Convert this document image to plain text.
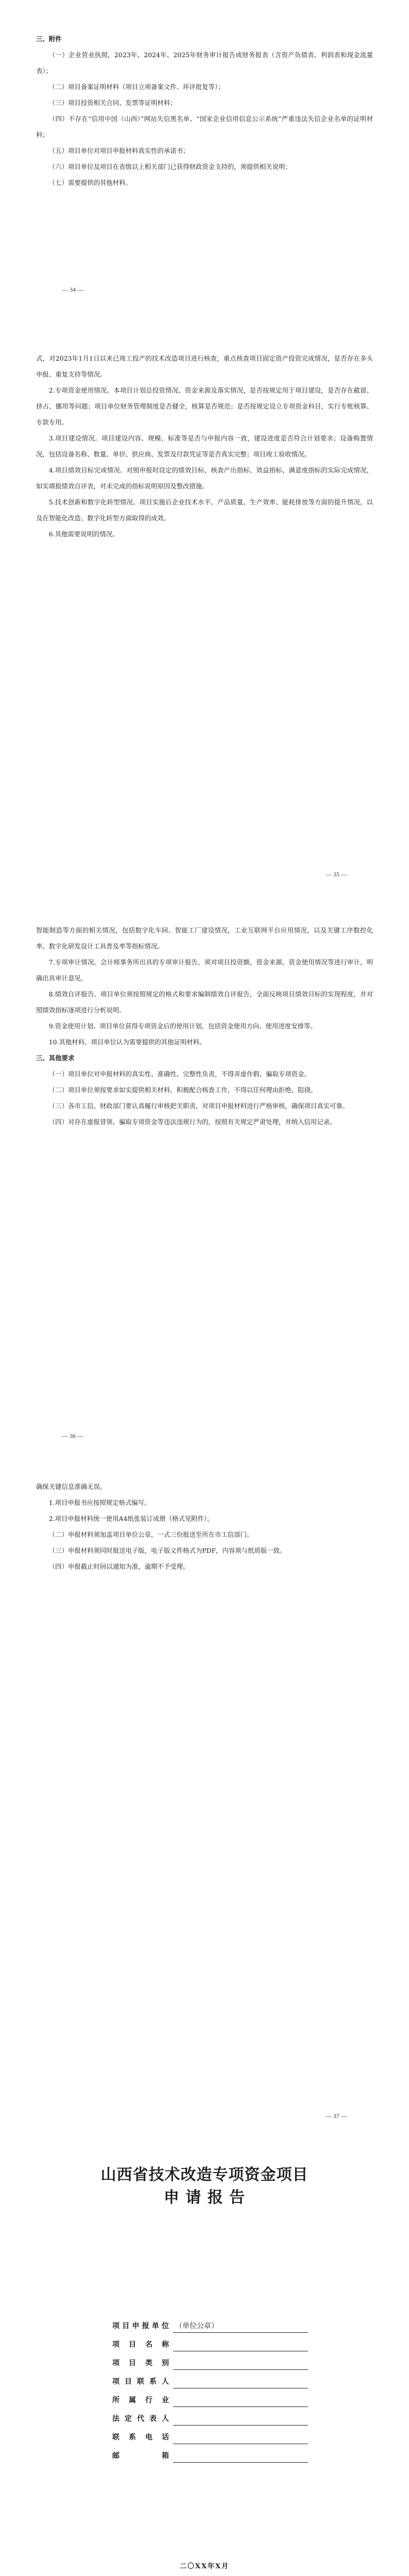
三、附件

（一）企业营业执照，2023年、2024年、2025年财务审计报告或财务报表（含资产负债表、利润表和现金流量表）；

（二）项目备案证明材料（项目立项备案文件、环评批复等）；

（三）项目投资相关合同、发票等证明材料；

（四）不存在“信用中国（山西）”网站失信黑名单、“国家企业信用信息公示系统”严重违法失信企业名单的证明材料；

（五）项目单位对项目申报材料真实性的承诺书；

（六）项目单位及项目在省级以上相关部门已获得财政资金支持的，须提供相关说明；

（七）需要提供的其他材料。

— 34 —

式，对2023年1月1日以来已竣工投产的技术改造项目进行核查，重点核查项目固定资产投资完成情况，是否存在多头申报、重复支持等情况。

2.专项资金使用情况。本项目计划总投资情况、资金来源及落实情况，是否按规定用于项目建设，是否存在截留、挤占、挪用等问题；项目单位财务管理制度是否健全，核算是否规范；是否按规定设立专项资金科目，实行专账核算、专款专用。

3.项目建设情况。项目建设内容、规模、标准等是否与申报内容一致，建设进度是否符合计划要求；设备购置情况，包括设备名称、数量、单价、供应商、发票及付款凭证等是否真实完整；项目竣工验收情况。

4.项目绩效目标完成情况。对照申报时设定的绩效目标，核查产出指标、效益指标、满意度指标的实际完成情况，如实填报绩效自评表，对未完成的指标说明原因及整改措施。

5.技术创新和数字化转型情况。项目实施后企业技术水平、产品质量、生产效率、能耗排放等方面的提升情况，以及在智能化改造、数字化转型方面取得的成效。

6.其他需要说明的情况。

— 35 —

智能制造等方面的相关情况，包括数字化车间、智能工厂建设情况，工业互联网平台应用情况，以及关键工序数控化率、数字化研发设计工具普及率等指标情况。

7.专项审计情况。会计师事务所出具的专项审计报告，须对项目投资额、资金来源、资金使用情况等进行审计，明确出具审计意见。

8.绩效自评报告。项目单位须按照规定的格式和要求编制绩效自评报告，全面反映项目绩效目标的实现程度，并对照绩效指标逐项进行分析说明。

9.资金使用计划。项目单位获得专项资金后的使用计划，包括资金使用方向、使用进度安排等。

10.其他材料。项目单位认为需要提供的其他证明材料。

三、其他要求

（一）项目单位对申报材料的真实性、准确性、完整性负责，不得弄虚作假、骗取专项资金。

（二）项目单位须按要求如实提供相关材料，积极配合核查工作，不得以任何理由拒绝、阻挠。

（三）各市工信、财政部门要认真履行审核把关职责，对项目申报材料进行严格审核，确保项目真实可靠。

（四）对存在虚报冒领、骗取专项资金等违法违规行为的，按照有关规定严肃处理，并纳入信用记录。

— 36 —

确保关键信息准确无误。

1.项目申报书应按照规定格式编写。

2.项目申报材料统一使用A4纸张装订成册（格式见附件）。

（二）申报材料须加盖项目单位公章，一式三份报送至所在市工信部门。

（三）申报材料须同时报送电子版，电子版文件格式为PDF，内容须与纸质版一致。

（四）申报截止时间以通知为准，逾期不予受理。

— 37 —
山西省技术改造专项资金项目
申 请 报 告
项目申报单位 （单位公章）
项目名称
项目类别
项目联系人
所属行业
法定代表人
联系电话
邮箱
二〇XX年X月
